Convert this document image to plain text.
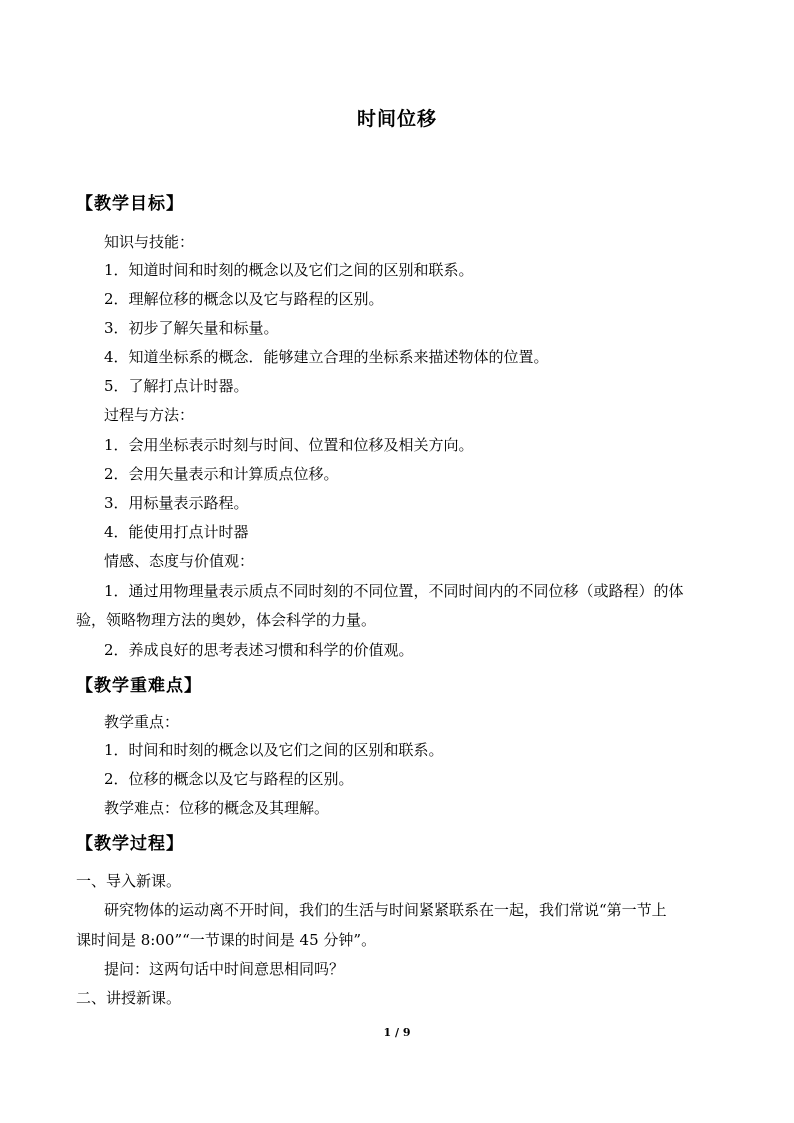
时间位移
【教学目标】
知识与技能：
1．知道时间和时刻的概念以及它们之间的区别和联系。
2．理解位移的概念以及它与路程的区别。
3．初步了解矢量和标量。
4．知道坐标系的概念．能够建立合理的坐标系来描述物体的位置。
5．了解打点计时器。
过程与方法：
1．会用坐标表示时刻与时间、位置和位移及相关方向。
2．会用矢量表示和计算质点位移。
3．用标量表示路程。
4．能使用打点计时器
情感、态度与价值观：
1．通过用物理量表示质点不同时刻的不同位置，不同时间内的不同位移（或路程）的体
验，领略物理方法的奥妙，体会科学的力量。
2．养成良好的思考表述习惯和科学的价值观。
【教学重难点】
教学重点：
1．时间和时刻的概念以及它们之间的区别和联系。
2．位移的概念以及它与路程的区别。
教学难点：位移的概念及其理解。
【教学过程】
一、导入新课。
研究物体的运动离不开时间，我们的生活与时间紧紧联系在一起，我们常说“第一节上
课时间是 8:00”“一节课的时间是 45 分钟”。
提问：这两句话中时间意思相同吗？
二、讲授新课。
1 / 9
